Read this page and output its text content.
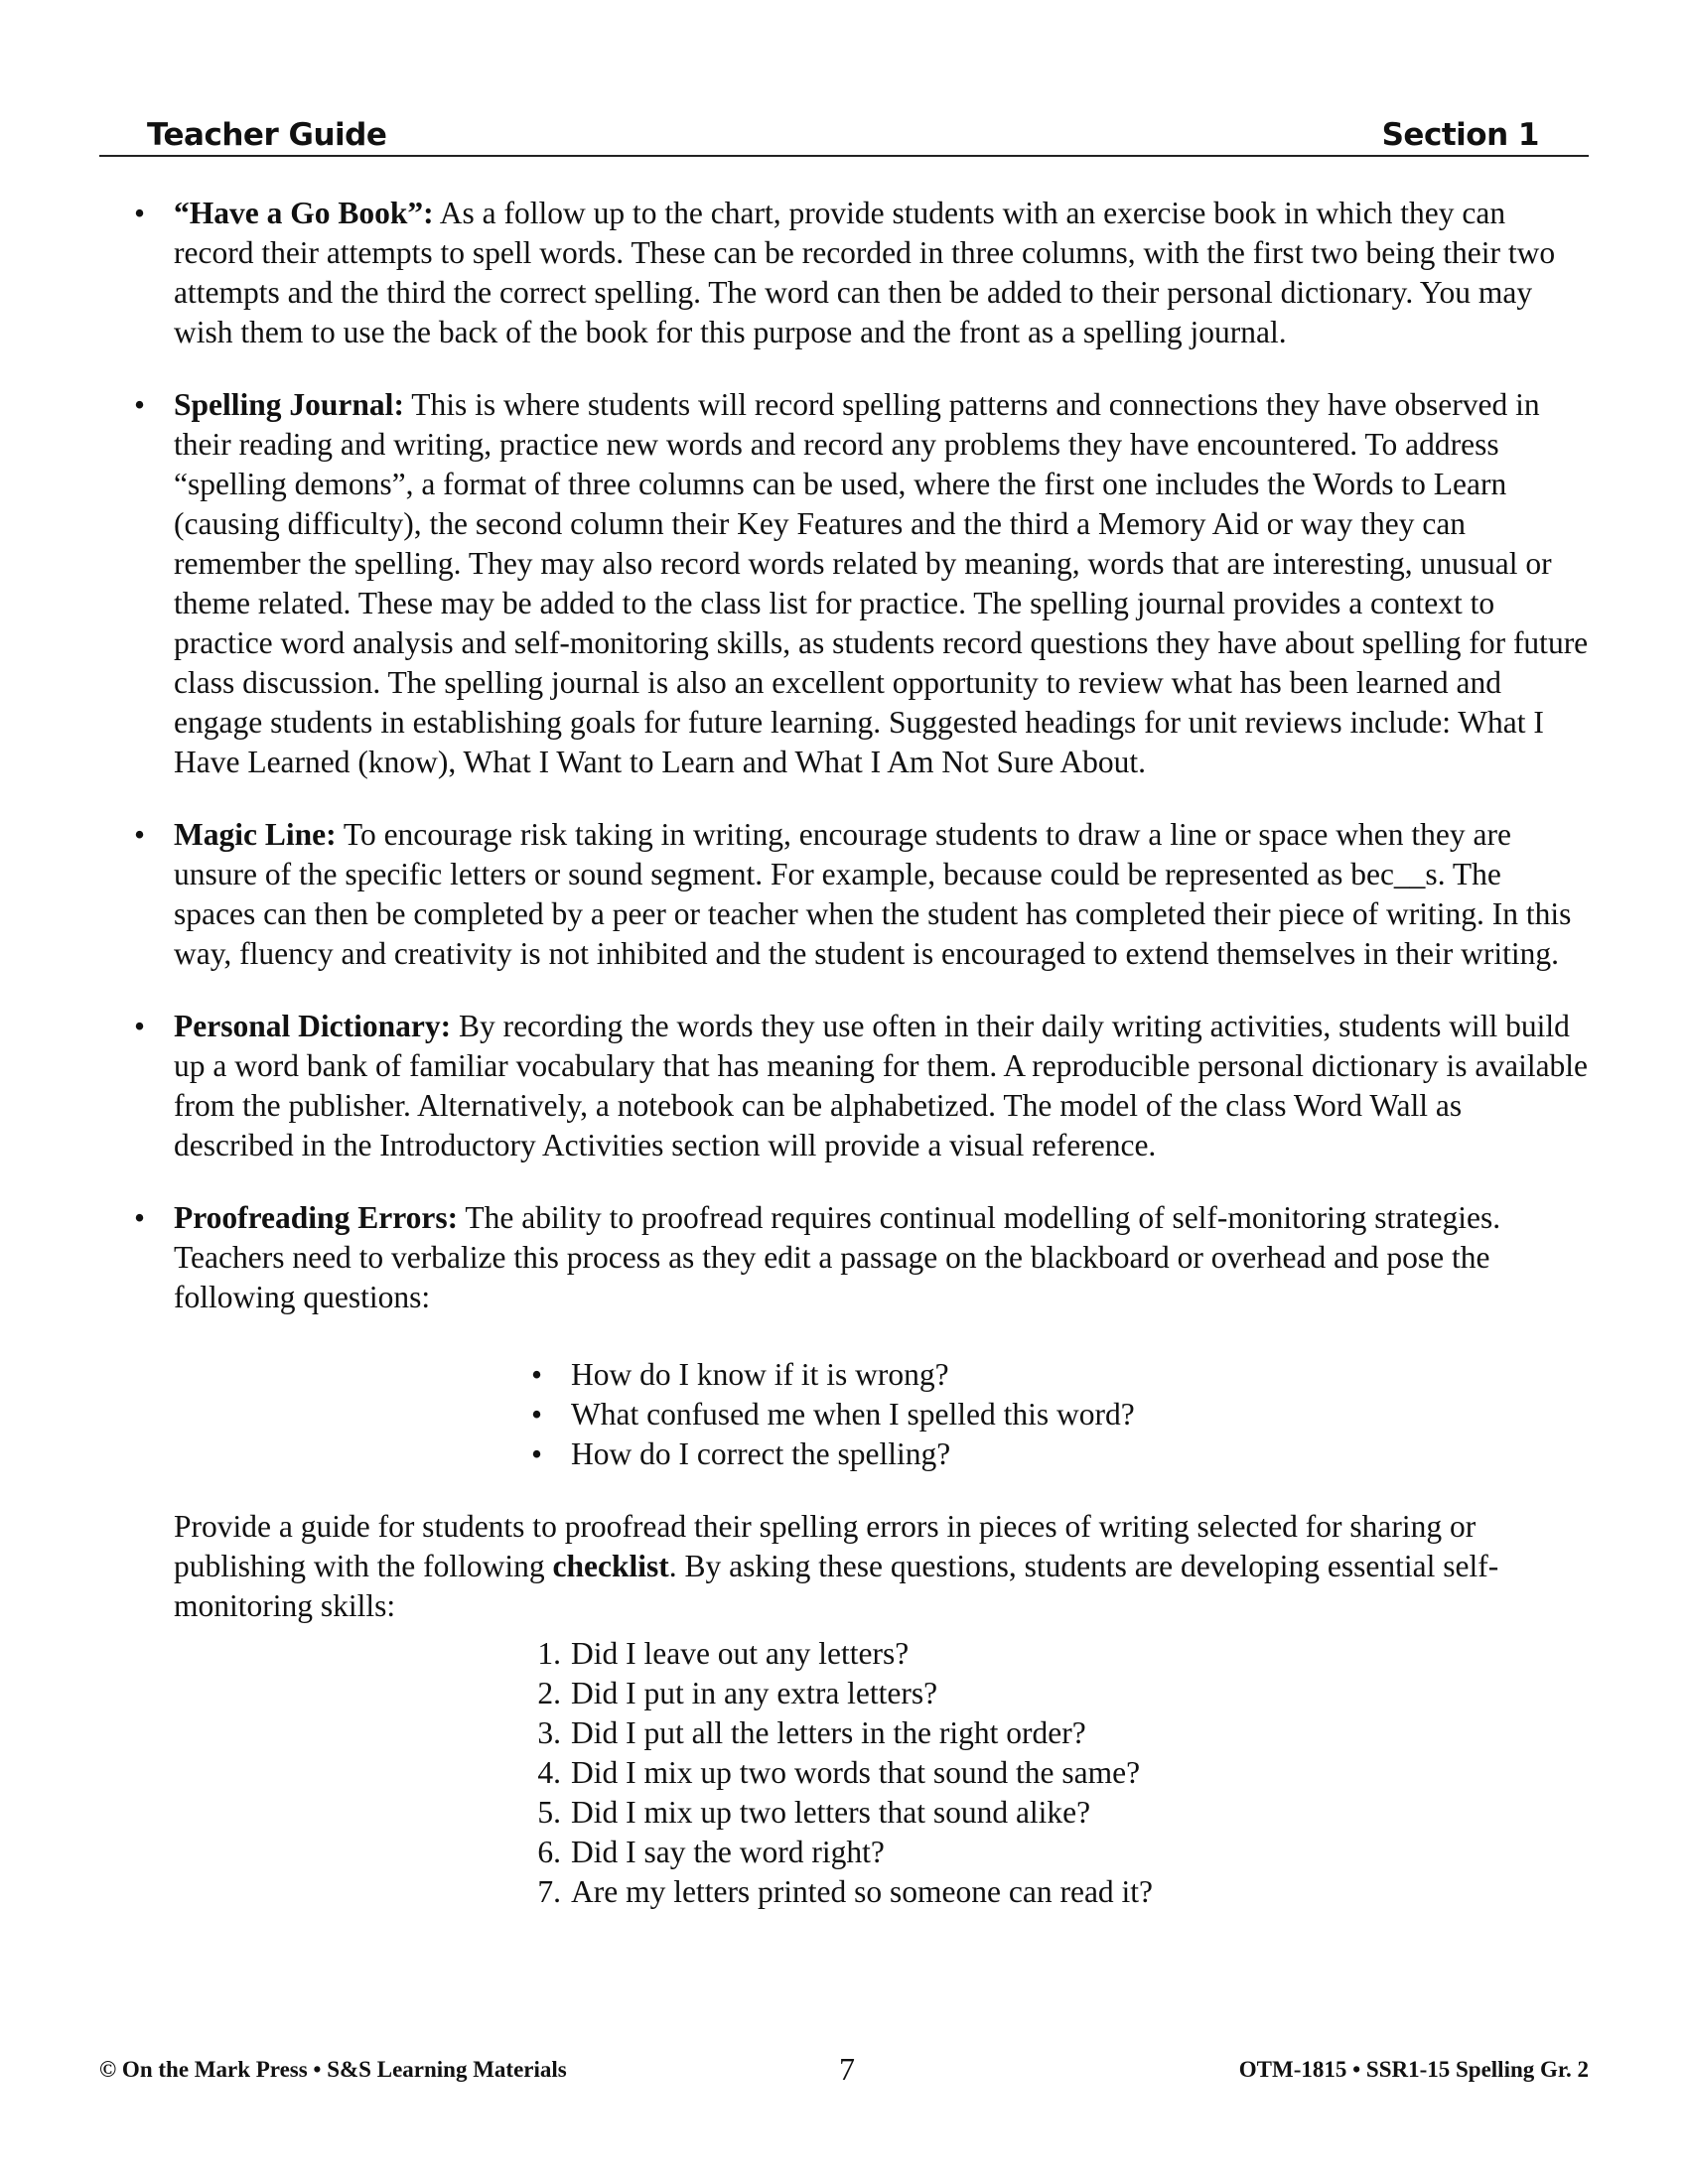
Teacher Guide	Section 1
• “Have a Go Book”: As a follow up to the chart, provide students with an exercise book in which they can record their attempts to spell words. These can be recorded in three columns, with the first two being their two attempts and the third the correct spelling. The word can then be added to their personal dictionary. You may wish them to use the back of the book for this purpose and the front as a spelling journal.
• Spelling Journal: This is where students will record spelling patterns and connections they have observed in their reading and writing, practice new words and record any problems they have encountered. To address “spelling demons”, a format of three columns can be used, where the first one includes the Words to Learn (causing difficulty), the second column their Key Features and the third a Memory Aid or way they can remember the spelling. They may also record words related by meaning, words that are interesting, unusual or theme related. These may be added to the class list for practice. The spelling journal provides a context to practice word analysis and self-monitoring skills, as students record questions they have about spelling for future class discussion. The spelling journal is also an excellent opportunity to review what has been learned and engage students in establishing goals for future learning. Suggested headings for unit reviews include: What I Have Learned (know), What I Want to Learn and What I Am Not Sure About.
• Magic Line: To encourage risk taking in writing, encourage students to draw a line or space when they are unsure of the specific letters or sound segment. For example, because could be represented as bec__s. The spaces can then be completed by a peer or teacher when the student has completed their piece of writing. In this way, fluency and creativity is not inhibited and the student is encouraged to extend themselves in their writing.
• Personal Dictionary: By recording the words they use often in their daily writing activities, students will build up a word bank of familiar vocabulary that has meaning for them. A reproducible personal dictionary is available from the publisher. Alternatively, a notebook can be alphabetized. The model of the class Word Wall as described in the Introductory Activities section will provide a visual reference.
• Proofreading Errors: The ability to proofread requires continual modelling of self-monitoring strategies. Teachers need to verbalize this process as they edit a passage on the blackboard or overhead and pose the following questions:
• How do I know if it is wrong?
• What confused me when I spelled this word?
• How do I correct the spelling?
Provide a guide for students to proofread their spelling errors in pieces of writing selected for sharing or publishing with the following checklist. By asking these questions, students are developing essential self-monitoring skills:
1. Did I leave out any letters?
2. Did I put in any extra letters?
3. Did I put all the letters in the right order?
4. Did I mix up two words that sound the same?
5. Did I mix up two letters that sound alike?
6. Did I say the word right?
7. Are my letters printed so someone can read it?
© On the Mark Press • S&S Learning Materials	7	OTM-1815 • SSR1-15 Spelling Gr. 2
